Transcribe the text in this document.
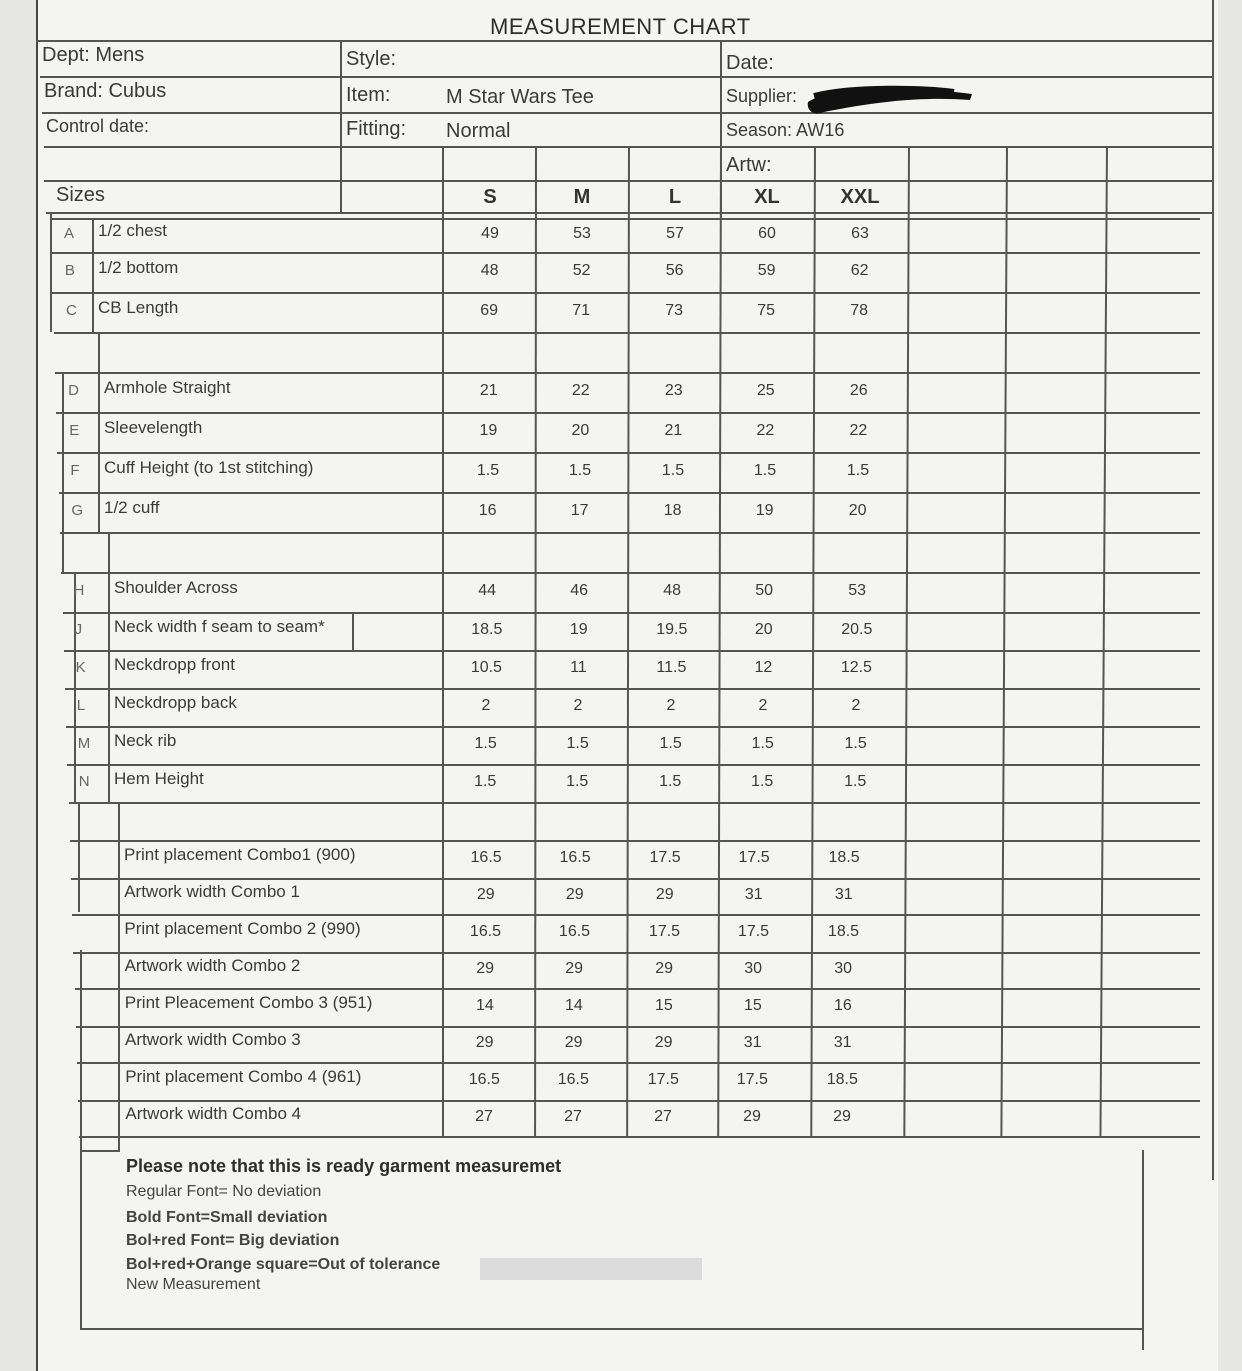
MEASUREMENT CHART
Dept: Mens
Brand: Cubus
Control date:
Style:
Item:	M Star Wars Tee
Fitting: Normal
Date:
Supplier:
Season: AW16
Artw:
Sizes	S	M	L	XL	XXL
A 1/2 chest	49	53	57	60	63
B 1/2 bottom	48	52	56	59	62
C CB Length	69	71	73	75	78
D Armhole Straight	21	22	23	25	26
E Sleevelength	19	20	21	22	22
F Cuff Height (to 1st stitching)	1.5	1.5	1.5	1.5	1.5
G 1/2 cuff	16	17	18	19	20
H Shoulder Across	44	46	48	50	53
J Neck width f seam to seam*	18.5	19	19.5	20	20.5
K Neckdropp front	10.5	11	11.5	12	12.5
L Neckdropp back	2	2	2	2	2
M Neck rib	1.5	1.5	1.5	1.5	1.5
N Hem Height	1.5	1.5	1.5	1.5	1.5
Print placement Combo1 (900)	16.5	16.5	17.5	17.5	18.5
Artwork width Combo 1	29	29	29	31	31
Print placement Combo 2 (990)	16.5	16.5	17.5	17.5	18.5
Artwork width Combo 2	29	29	29	30	30
Print Pleacement Combo 3 (951)	14	14	15	15	16
Artwork width Combo 3	29	29	29	31	31
Print placement Combo 4 (961)	16.5	16.5	17.5	17.5	18.5
Artwork width Combo 4	27	27	27	29	29
Please note that this is ready garment measuremet
Regular Font= No deviation
Bold Font=Small deviation
Bol+red Font= Big deviation
Bol+red+Orange square=Out of tolerance
New Measurement
